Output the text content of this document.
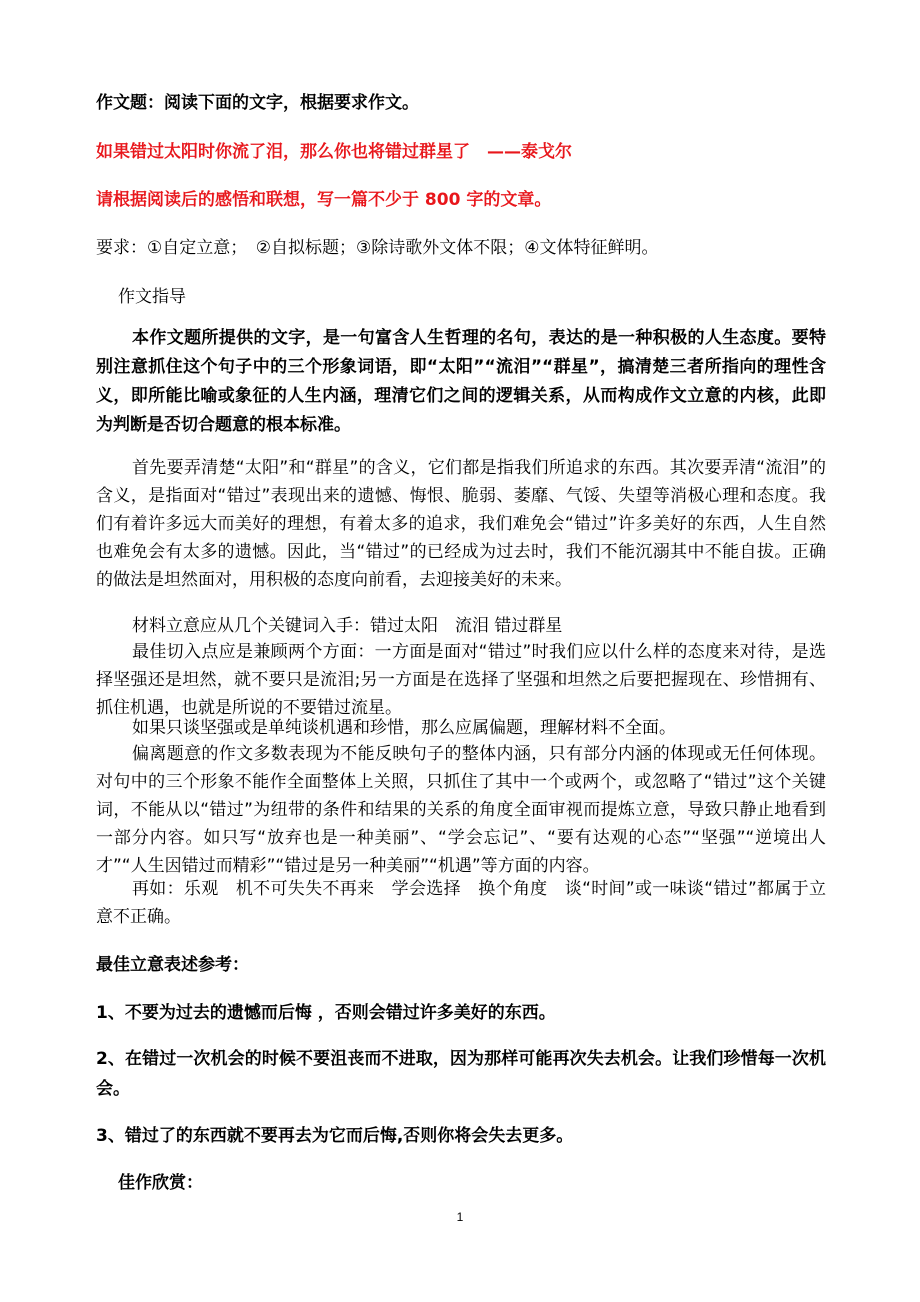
作文题：阅读下面的文字，根据要求作文。
如果错过太阳时你流了泪，那么你也将错过群星了　——泰戈尔
请根据阅读后的感悟和联想，写一篇不少于 800 字的文章。
要求：①自定立意；　②自拟标题；③除诗歌外文体不限；④文体特征鲜明。
作文指导
本作文题所提供的文字，是一句富含人生哲理的名句，表达的是一种积极的人生态度。要特别注意抓住这个句子中的三个形象词语，即“太阳”“流泪”“群星”，搞清楚三者所指向的理性含义，即所能比喻或象征的人生内涵，理清它们之间的逻辑关系，从而构成作文立意的内核，此即为判断是否切合题意的根本标准。
首先要弄清楚“太阳”和“群星”的含义，它们都是指我们所追求的东西。其次要弄清“流泪”的含义，是指面对“错过”表现出来的遗憾、悔恨、脆弱、萎靡、气馁、失望等消极心理和态度。我们有着许多远大而美好的理想，有着太多的追求，我们难免会“错过”许多美好的东西，人生自然也难免会有太多的遗憾。因此，当“错过”的已经成为过去时，我们不能沉溺其中不能自拔。正确的做法是坦然面对，用积极的态度向前看，去迎接美好的未来。
材料立意应从几个关键词入手：错过太阳　流泪 错过群星
最佳切入点应是兼顾两个方面：一方面是面对“错过”时我们应以什么样的态度来对待，是选择坚强还是坦然，就不要只是流泪;另一方面是在选择了坚强和坦然之后要把握现在、珍惜拥有、抓住机遇，也就是所说的不要错过流星。
如果只谈坚强或是单纯谈机遇和珍惜，那么应属偏题，理解材料不全面。
偏离题意的作文多数表现为不能反映句子的整体内涵，只有部分内涵的体现或无任何体现。对句中的三个形象不能作全面整体上关照，只抓住了其中一个或两个，或忽略了“错过”这个关键词，不能从以“错过”为纽带的条件和结果的关系的角度全面审视而提炼立意，导致只静止地看到一部分内容。如只写“放弃也是一种美丽”、“学会忘记”、“要有达观的心态”“坚强”“逆境出人才”“人生因错过而精彩”“错过是另一种美丽”“机遇”等方面的内容。
再如：乐观　机不可失失不再来　学会选择　换个角度　谈“时间”或一味谈“错过”都属于立意不正确。
最佳立意表述参考：
1、不要为过去的遗憾而后悔 ，否则会错过许多美好的东西。
2、在错过一次机会的时候不要沮丧而不进取，因为那样可能再次失去机会。让我们珍惜每一次机会。
3、错过了的东西就不要再去为它而后悔,否则你将会失去更多。
佳作欣赏：
1
